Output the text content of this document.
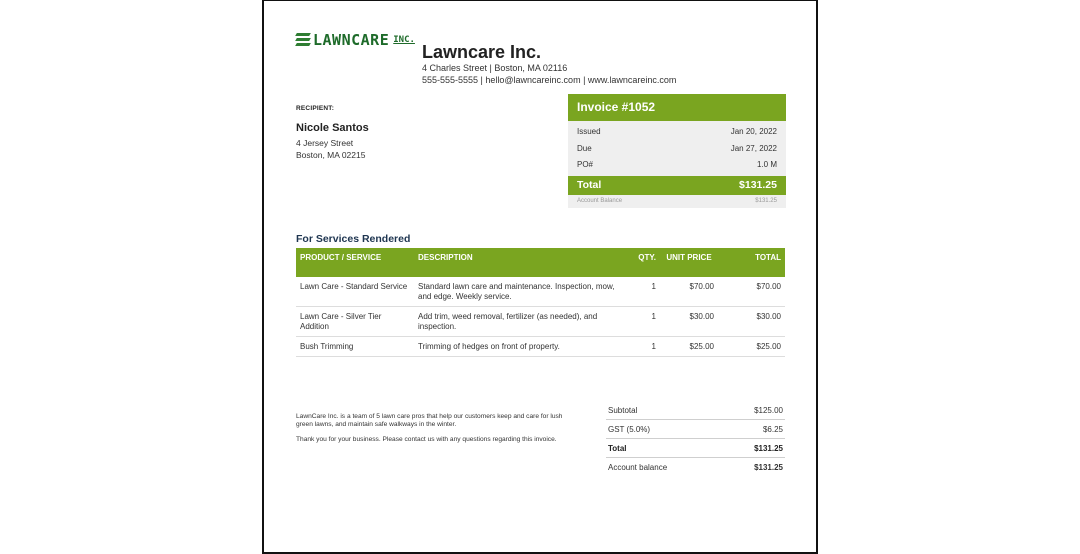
LAWNCARE INC.
Lawncare Inc.
4 Charles Street | Boston, MA 02116
555-555-5555 | hello@lawncareinc.com | www.lawncareinc.com
RECIPIENT:
Nicole Santos
4 Jersey Street
Boston, MA 02215
Invoice #1052
Issued	Jan 20, 2022
Due	Jan 27, 2022
PO#	1.0 M
Total	$131.25
Account Balance	$131.25
For Services Rendered
PRODUCT / SERVICE	DESCRIPTION	QTY.	UNIT PRICE	TOTAL
Lawn Care - Standard Service	Standard lawn care and maintenance. Inspection, mow, and edge. Weekly service.	1	$70.00	$70.00
Lawn Care - Silver Tier Addition	Add trim, weed removal, fertilizer (as needed), and inspection.	1	$30.00	$30.00
Bush Trimming	Trimming of hedges on front of property.	1	$25.00	$25.00

LawnCare Inc. is a team of 5 lawn care pros that help our customers keep and care for lush green lawns, and maintain safe walkways in the winter.

Thank you for your business. Please contact us with any questions regarding this invoice.

Subtotal	$125.00
GST (5.0%)	$6.25
Total	$131.25
Account balance	$131.25
